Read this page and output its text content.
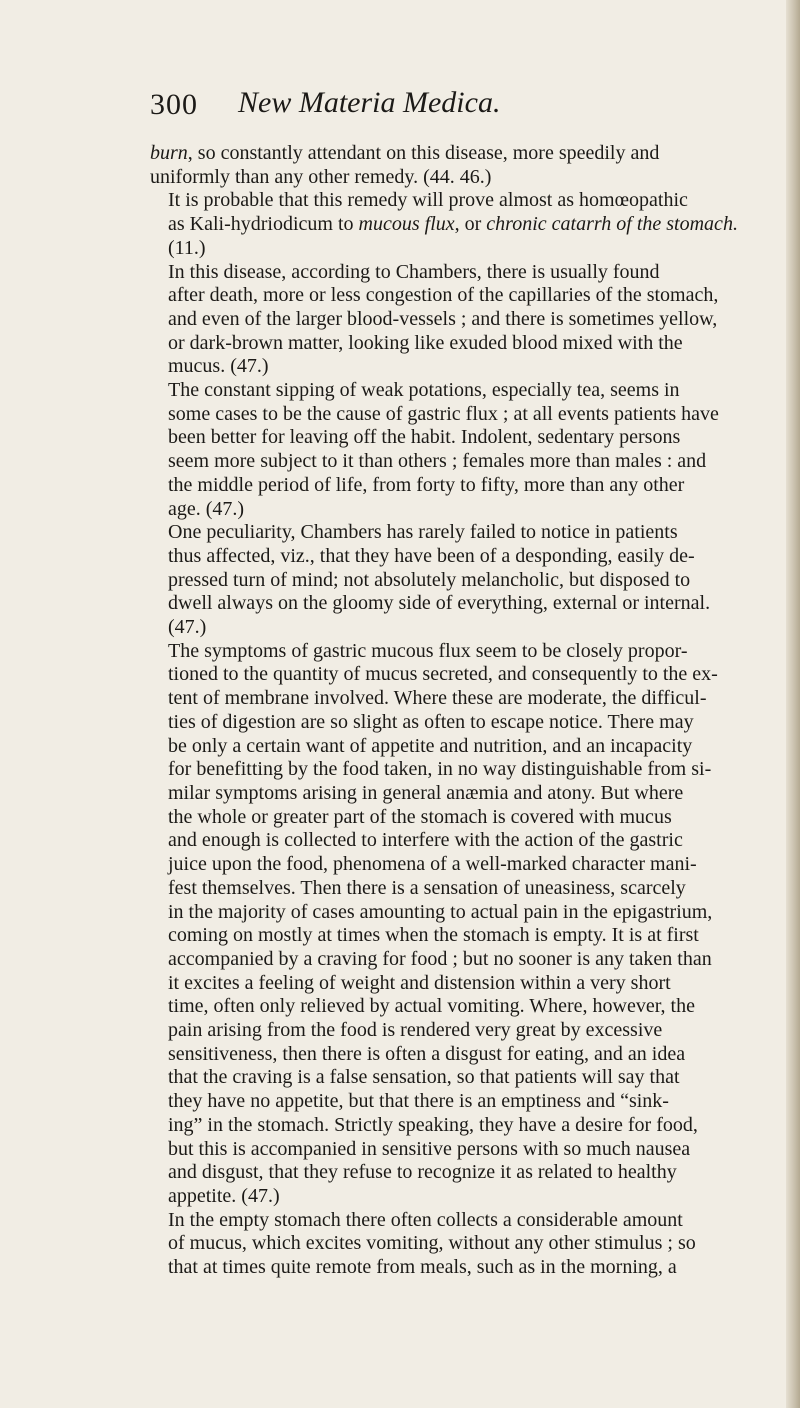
300 New Materia Medica.
burn, so constantly attendant on this disease, more speedily and
uniformly than any other remedy. (44. 46.)
It is probable that this remedy will prove almost as homœopathic
as Kali-hydriodicum to mucous flux, or chronic catarrh of the stomach.
(11.)
In this disease, according to Chambers, there is usually found
after death, more or less congestion of the capillaries of the stomach,
and even of the larger blood-vessels ; and there is sometimes yellow,
or dark-brown matter, looking like exuded blood mixed with the
mucus. (47.)
The constant sipping of weak potations, especially tea, seems in
some cases to be the cause of gastric flux ; at all events patients have
been better for leaving off the habit. Indolent, sedentary persons
seem more subject to it than others ; females more than males : and
the middle period of life, from forty to fifty, more than any other
age. (47.)
One peculiarity, Chambers has rarely failed to notice in patients
thus affected, viz., that they have been of a desponding, easily de-
pressed turn of mind; not absolutely melancholic, but disposed to
dwell always on the gloomy side of everything, external or internal.
(47.)
The symptoms of gastric mucous flux seem to be closely propor-
tioned to the quantity of mucus secreted, and consequently to the ex-
tent of membrane involved. Where these are moderate, the difficul-
ties of digestion are so slight as often to escape notice. There may
be only a certain want of appetite and nutrition, and an incapacity
for benefitting by the food taken, in no way distinguishable from si-
milar symptoms arising in general anæmia and atony. But where
the whole or greater part of the stomach is covered with mucus
and enough is collected to interfere with the action of the gastric
juice upon the food, phenomena of a well-marked character mani-
fest themselves. Then there is a sensation of uneasiness, scarcely
in the majority of cases amounting to actual pain in the epigastrium,
coming on mostly at times when the stomach is empty. It is at first
accompanied by a craving for food ; but no sooner is any taken than
it excites a feeling of weight and distension within a very short
time, often only relieved by actual vomiting. Where, however, the
pain arising from the food is rendered very great by excessive
sensitiveness, then there is often a disgust for eating, and an idea
that the craving is a false sensation, so that patients will say that
they have no appetite, but that there is an emptiness and “sink-
ing” in the stomach. Strictly speaking, they have a desire for food,
but this is accompanied in sensitive persons with so much nausea
and disgust, that they refuse to recognize it as related to healthy
appetite. (47.)
In the empty stomach there often collects a considerable amount
of mucus, which excites vomiting, without any other stimulus ; so
that at times quite remote from meals, such as in the morning, a
